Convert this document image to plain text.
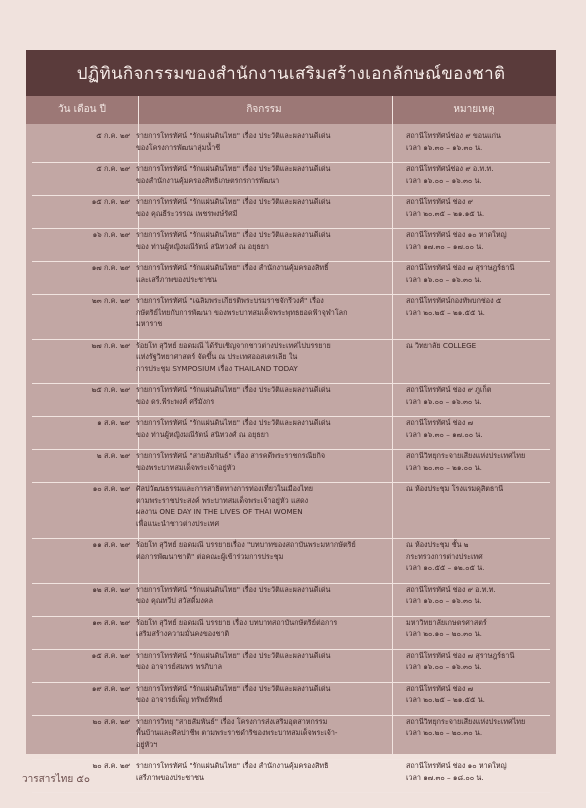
ปฏิทินกิจกรรมของสำนักงานเสริมสร้างเอกลักษณ์ของชาติ
วัน เดือน ปี	กิจกรรม	หมายเหตุ
๕ ก.ค. ๒๙ รายการโทรทัศน์ "รักแผ่นดินไทย" เรื่อง ประวัติและผลงานดีเด่น
ของโครงการพัฒนาลุ่มน้ำชี
สถานีโทรทัศน์ช่อง ๙ ขอนแก่น
เวลา ๑๖.๓๐ – ๑๖.๓๐ น.
๕ ก.ค. ๒๙ รายการโทรทัศน์ "รักแผ่นดินไทย" เรื่อง ประวัติและผลงานดีเด่น
ของสำนักงานคุ้มครองสิทธิเกษตรกรการพัฒนา
สถานีโทรทัศน์ช่อง ๙ อ.ท.ท.
เวลา ๑๖.๐๐ – ๑๖.๓๐ น.
๑๕ ก.ค. ๒๙ รายการโทรทัศน์ "รักแผ่นดินไทย" เรื่อง ประวัติและผลงานดีเด่น
ของ คุณธีระวรรณ เพชรพงษ์รัศมี
สถานีโทรทัศน์ ช่อง ๙
เวลา ๒๐.๓๕ – ๒๑.๑๕ น.
๑๖ ก.ค. ๒๙ รายการโทรทัศน์ "รักแผ่นดินไทย" เรื่อง ประวัติและผลงานดีเด่น
ของ ท่านผู้หญิงมณีรัตน์ สนิทวงศ์ ณ อยุธยา
สถานีโทรทัศน์ ช่อง ๑๐ หาดใหญ่
เวลา ๑๗.๓๐ – ๑๗.๐๐ น.
๑๗ ก.ค. ๒๙ รายการโทรทัศน์ "รักแผ่นดินไทย" เรื่อง สำนักงานคุ้มครองสิทธิ์
และเสรีภาพของประชาชน
สถานีโทรทัศน์ ช่อง ๗ สุราษฎร์ธานี
เวลา ๑๖.๐๐ – ๑๖.๓๐ น.
๒๓ ก.ค. ๒๙ รายการโทรทัศน์ "เฉลิมพระเกียรติพระบรมราชจักรีวงศ์" เรื่อง
กษัตริย์ไทยกับการพัฒนา ของพระบาทสมเด็จพระพุทธยอดฟ้าจุฬาโลก
มหาราช
สถานีโทรทัศน์กองทัพบกช่อง ๕
เวลา ๒๐.๒๕ – ๒๑.๕๕ น.
๒๗ ก.ค. ๒๙ ร้อยโท สุวิทย์ ยอดมณี ได้รับเชิญจากชาวต่างประเทศไปบรรยาย
แห่งรัฐวิทยาศาสตร์ จัดขึ้น ณ ประเทศออสเตรเลีย ใน
การประชุม SYMPOSIUM เรื่อง THAILAND TODAY
ณ วิทยาลัย COLLEGE
๒๕ ก.ค. ๒๙ รายการโทรทัศน์ "รักแผ่นดินไทย" เรื่อง ประวัติและผลงานดีเด่น
ของ ดร.พีระพงศ์ ศรีมังกร
สถานีโทรทัศน์ ช่อง ๙ ภูเก็ต
เวลา ๑๖.๐๐ – ๑๖.๓๐ น.
๑ ส.ค. ๒๙ รายการโทรทัศน์ "รักแผ่นดินไทย" เรื่อง ประวัติและผลงานดีเด่น
ของ ท่านผู้หญิงมณีรัตน์ สนิทวงศ์ ณ อยุธยา
สถานีโทรทัศน์ ช่อง ๗
เวลา ๑๖.๓๐ – ๑๗.๐๐ น.
๒ ส.ค. ๒๙ รายการโทรทัศน์ "สายสัมพันธ์" เรื่อง สารคดีพระราชกรณียกิจ
ของพระบาทสมเด็จพระเจ้าอยู่หัว
สถานีวิทยุกระจายเสียงแห่งประเทศไทย
เวลา ๒๐.๓๐ – ๒๑.๐๐ น.
๑๐ ส.ค. ๒๙ ศิลปวัฒนธรรมและการสาธิตทางการท่องเที่ยวในเมืองไทย
ตามพระราชประสงค์ พระบาทสมเด็จพระเจ้าอยู่หัว แสดง
ผลงาน ONE DAY IN THE LIVES OF THAI WOMEN
เพื่อแนะนำชาวต่างประเทศ
ณ ห้องประชุม โรงแรมดุสิตธานี
๑๑ ส.ค. ๒๙ ร้อยโท สุวิทย์ ยอดมณี บรรยายเรื่อง "บทบาทของสถาบันพระมหากษัตริย์
ต่อการพัฒนาชาติ" ต่อคณะผู้เข้าร่วมการประชุม
ณ ห้องประชุม ชั้น ๒
กระทรวงการต่างประเทศ
เวลา ๑๐.๕๕ – ๑๒.๐๕ น.
๑๒ ส.ค. ๒๙ รายการโทรทัศน์ "รักแผ่นดินไทย" เรื่อง ประวัติและผลงานดีเด่น
ของ คุณทวีป สวัสดิ์มงคล
สถานีโทรทัศน์ ช่อง ๙ อ.ท.ท.
เวลา ๑๖.๐๐ – ๑๖.๓๐ น.
๑๓ ส.ค. ๒๙ ร้อยโท สุวิทย์ ยอดมณี บรรยาย เรื่อง บทบาทสถาบันกษัตริย์ต่อการ
เสริมสร้างความมั่นคงของชาติ
มหาวิทยาลัยเกษตรศาสตร์
เวลา ๒๐.๑๐ – ๒๐.๓๐ น.
๑๕ ส.ค. ๒๙ รายการโทรทัศน์ "รักแผ่นดินไทย" เรื่อง ประวัติและผลงานดีเด่น
ของ อาจารย์สมพร พรภิบาล
สถานีโทรทัศน์ ช่อง ๗ สุราษฎร์ธานี
เวลา ๑๖.๐๐ – ๑๖.๓๐ น.
๑๙ ส.ค. ๒๙ รายการโทรทัศน์ "รักแผ่นดินไทย" เรื่อง ประวัติและผลงานดีเด่น
ของ อาจารย์เพ็ญ ทรัพย์ทิพย์
สถานีโทรทัศน์ ช่อง ๗
เวลา ๒๐.๒๕ – ๒๑.๕๕ น.
๒๐ ส.ค. ๒๙ รายการวิทยุ "สายสัมพันธ์" เรื่อง โครงการส่งเสริมอุตสาหกรรม
พื้นบ้านและศิลปาชีพ ตามพระราชดำริของพระบาทสมเด็จพระเจ้า-
อยู่หัวฯ
สถานีวิทยุกระจายเสียงแห่งประเทศไทย
เวลา ๒๐.๒๐ – ๒๐.๓๐ น.
๒๐ ส.ค. ๒๙ รายการโทรทัศน์ "รักแผ่นดินไทย" เรื่อง สำนักงานคุ้มครองสิทธิ
เสรีภาพของประชาชน
สถานีโทรทัศน์ ช่อง ๑๐ หาดใหญ่
เวลา ๑๗.๓๐ – ๑๘.๐๐ น.
วารสารไทย ๕๐
